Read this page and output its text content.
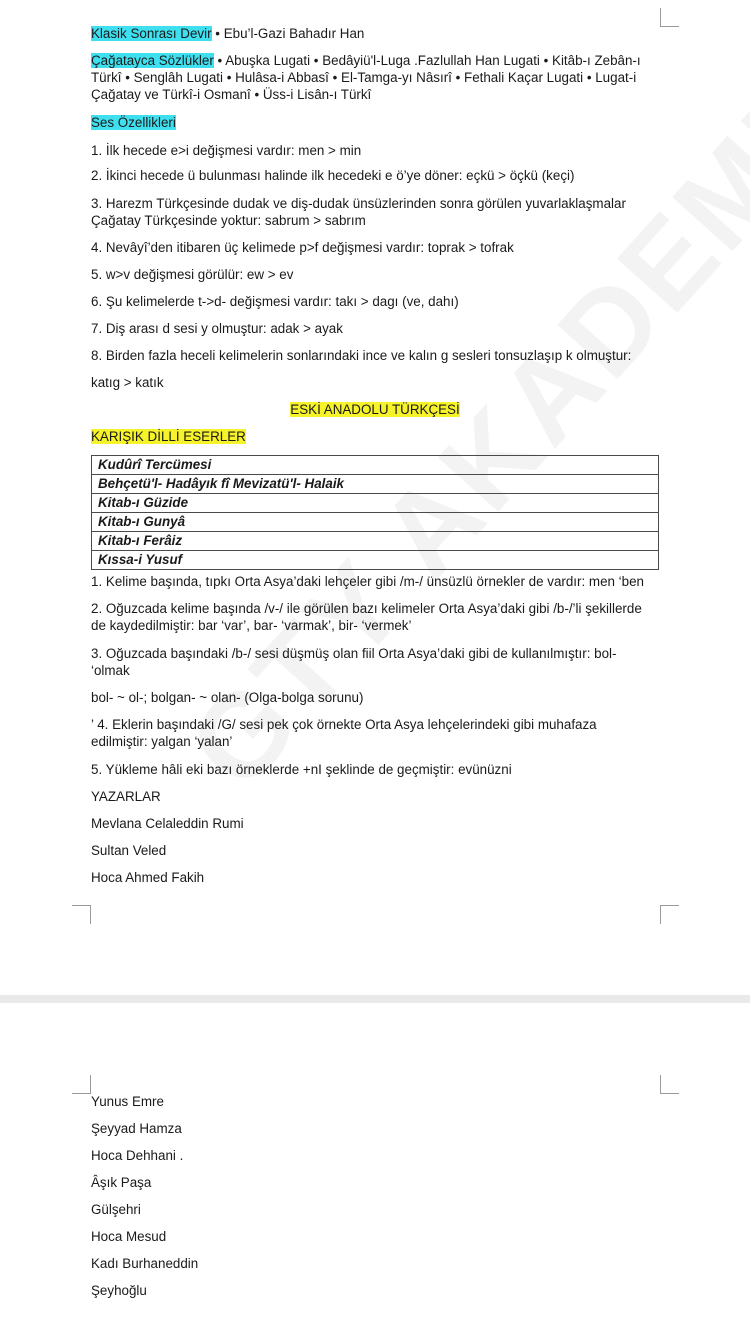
Klasik Sonrası Devir • Ebu’l-Gazi Bahadır Han

Çağatayca Sözlükler • Abuşka Lugati • Bedâyiü'l-Luga .Fazlullah Han Lugati • Kitâb-ı Zebân-ı Türkî • Senglâh Lugati • Hulâsa-i Abbasî • El-Tamga-yı Nâsırî • Fethali Kaçar Lugati • Lugat-i Çağatay ve Türkî-i Osmanî • Üss-i Lisân-ı Türkî

Ses Özellikleri

1. İlk hecede e>i değişmesi vardır: men > min

2. İkinci hecede ü bulunması halinde ilk hecedeki e ö’ye döner: eçkü > öçkü (keçi)

3. Harezm Türkçesinde dudak ve diş-dudak ünsüzlerinden sonra görülen yuvarlaklaşmalar Çağatay Türkçesinde yoktur: sabrum > sabrım

4. Nevâyî’den itibaren üç kelimede p>f değişmesi vardır: toprak > tofrak

5. w>v değişmesi görülür: ew > ev

6. Şu kelimelerde t->d- değişmesi vardır: takı > dagı (ve, dahı)

7. Diş arası d sesi y olmuştur: adak > ayak

8. Birden fazla heceli kelimelerin sonlarındaki ince ve kalın g sesleri tonsuzlaşıp k olmuştur:

katıg > katık

ESKİ ANADOLU TÜRKÇESİ

KARIŞIK DİLLİ ESERLER

Kudûrî Tercümesi
Behçetü'l- Hadâyık fî Mevizatü'l- Halaik
Kitab-ı Güzide
Kitab-ı Gunyâ
Kitab-ı Ferâiz
Kıssa-i Yusuf

1. Kelime başında, tıpkı Orta Asya’daki lehçeler gibi /m-/ ünsüzlü örnekler de vardır: men ‘ben

2. Oğuzcada kelime başında /v-/ ile görülen bazı kelimeler Orta Asya’daki gibi /b-/’li şekillerde de kaydedilmiştir: bar ‘var’, bar- ‘varmak’, bir- ‘vermek’

3. Oğuzcada başındaki /b-/ sesi düşmüş olan fiil Orta Asya’daki gibi de kullanılmıştır: bol- ‘olmak

bol- ~ ol-; bolgan- ~ olan- (Olga-bolga sorunu)

’ 4. Eklerin başındaki /G/ sesi pek çok örnekte Orta Asya lehçelerindeki gibi muhafaza edilmiştir: yalgan ‘yalan’

5. Yükleme hâli eki bazı örneklerde +nI şeklinde de geçmiştir: evünüzni

YAZARLAR

Mevlana Celaleddin Rumi

Sultan Veled

Hoca Ahmed Fakih

Yunus Emre

Şeyyad Hamza

Hoca Dehhani .

Âşık Paşa

Gülşehri

Hoca Mesud

Kadı Burhaneddin

Şeyhoğlu
